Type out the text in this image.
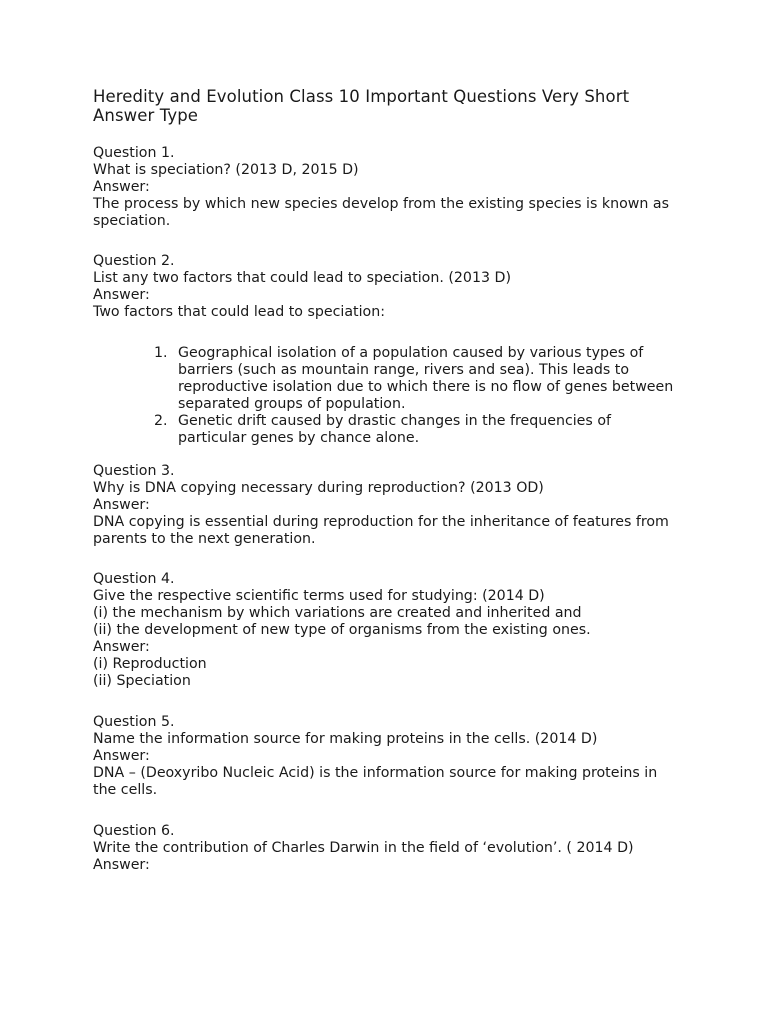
Heredity and Evolution Class 10 Important Questions Very Short Answer Type

Question 1.

What is speciation? (2013 D, 2015 D)

Answer:

The process by which new species develop from the existing species is known as speciation.

Question 2.

List any two factors that could lead to speciation. (2013 D)

Answer:

Two factors that could lead to speciation:

1. Geographical isolation of a population caused by various types of barriers (such as mountain range, rivers and sea). This leads to reproductive isolation due to which there is no flow of genes between separated groups of population.
2. Genetic drift caused by drastic changes in the frequencies of particular genes by chance alone.

Question 3.

Why is DNA copying necessary during reproduction? (2013 OD)

Answer:

DNA copying is essential during reproduction for the inheritance of features from parents to the next generation.

Question 4.

Give the respective scientific terms used for studying: (2014 D)

(i) the mechanism by which variations are created and inherited and

(ii) the development of new type of organisms from the existing ones.

Answer:

(i) Reproduction

(ii) Speciation

Question 5.

Name the information source for making proteins in the cells. (2014 D)

Answer:

DNA – (Deoxyribo Nucleic Acid) is the information source for making proteins in the cells.

Question 6.

Write the contribution of Charles Darwin in the field of ‘evolution’. ( 2014 D)

Answer:
